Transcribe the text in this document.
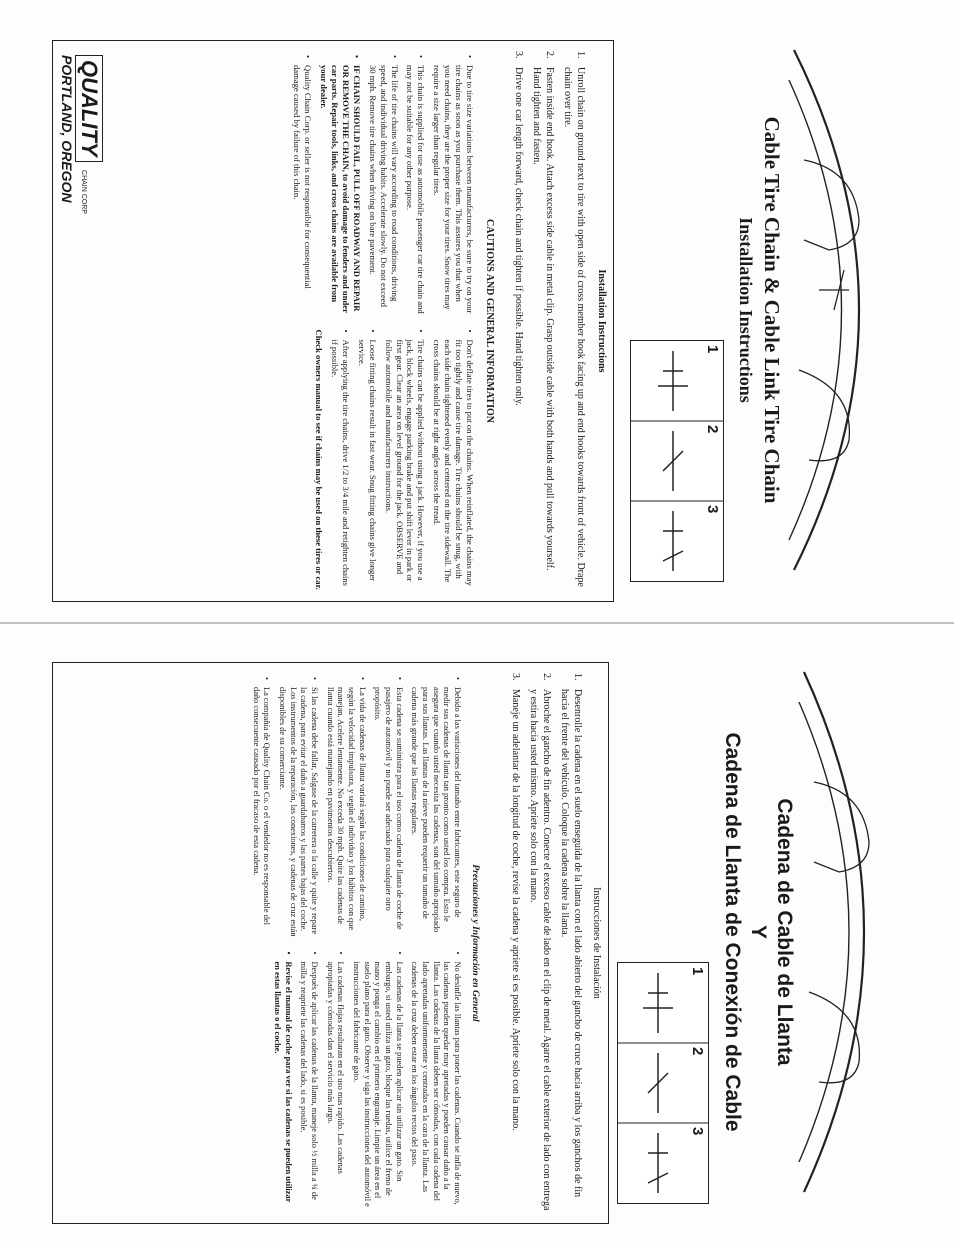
Cable Tire Chain & Cable Link Tire Chain
Installation Instructions
1
2
3
Installation Instructions
1.
Unroll chain on ground next to tire with open side of cross member hook facing up and end hooks towards front of vehicle. Drape chain over tire.
2.
Fasten inside end hook. Attach excess side cable in metal clip. Grasp outside cable with both hands and pull towards yourself. Hand tighten and fasten.
3.
Drive one car length forward, check chain and tighten if possible. Hand tighten only.
CAUTIONS AND GENERAL INFORMATION

•
Due to tire size variations between manufacturers, be sure to try on your tire chains as soon as you purchase them. This assures you that when you need chains, they are the proper size for your tires. Snow tires may require a size larger than regular tires.

•
This chain is supplied for use as automobile passenger car tire chain and may not be suitable for any other purpose.

•
The life of tire chains will vary according to road conditions, driving speed, and individual driving habits. Accelerate slowly. Do not exceed 30 mph. Remove tire chains when driving on bare pavement.

•
IF CHAIN SHOULD FAIL, PULL OFF ROADWAY AND REPAIR OR REMOVE THE CHAIN, to avoid damage to fenders and under car parts. Repair tools, links, and cross chains are available from your dealer.

•
Quality Chain Corp. or seller is not responsible for consequential damage caused by failure of this chain.

•
Don't deflate tires to put on the chains. When reinflated, the chains may fit too tightly and cause tire damage. Tire chains should be snug, with each side chain tightened evenly and centered on the tire sidewall. The cross chains should be at right angles across the tread.

•
Tire chains can be applied without using a jack. However, if you use a jack, block wheels, engage parking brake and put shift lever in park or first gear. Clear an area on level ground for the jack. OBSERVE and follow automobile and manufacturers instructions.

•
Loose fitting chains result in fast wear. Snug fitting chains give longer service.

•
After applying the tire chains, drive 1/2 to 3/4 mile and retighten chains if possible.

Check owners manual to see if chains may be used on these tires or car.

QUALITY CHAIN CORP
PORTLAND, OREGON
Cadena de Cable de Llanta
Y
Cadena de Llanta de Conexión de Cable
1
2
3
Instrucciones de Instalación
1.
Desenrolle la cadena en el suelo enseguida de la llanta con el lado abierto del gancho de cruce hacia arriba y los ganchos de fin hacia el frente del vehículo. Coloque la cadena sobre la llanta.
2.
Abroche el gancho de fin adentro. Conecte el exceso cable de lado en el clip de metal. Agarre el cable exterior de lado con entrega y estira hacia usted mismo. Apriete solo con la mano.
3.
Maneje un adelantar de la longitud de coche, revise la cadena y apriete si es posible. Apriete solo con la mano.
Precauciones y Información en General

•
Debido a las variaciones del tamaño entre fabricantes, este seguro de medir sus cadenas de llanta tan pronto como usted los compra. Esto le asegura que cuando usted necesita las cadenas, son del tamaño apropiado para sus llantas. Las llantas de la nieve pueden requerir un tamaño de cadena más grande que las llantas regulares.

•
Esta cadena se suministra para el uso como cadena de llanta de coche de pasajero de automóvil y no puede ser adecuado para cualquier otro propósito.

•
La vida de cadenas de llanta variará según las condiciones de camino, según la velocidad impulsora, y según el individuo y los hábitos con que manejan. Acelere lentamente. No exceda 30 mph. Quite las cadenas de llanta cuando está manejando en pavimentos descubiertos.

•
Si las cadena debe fallar, Salgase de la carretera o la calle y quite y repare la cadena, para evitar el daño a guardabarros y las partes bajas del coche. Los instrumentos de la reparación, las conexiones, y cadenas de cruz están disponibles de su comerciante.

•
La compañía de Quality Chain Co. o el vendedor no es responsable del daño consecuente causado por el fracaso de esta cadena.

•
No desinfle las llantas para poner las cadenas. Cuando se infla de nuevo, las cadenas pueden quedar muy apretadas y pueden causar daño a la llanta. Las cadenas de la llanta deben ser cómodas, con cada cadena del lado apretadas uniformemente y centradas en la cara de la llanta. Las cadenas de la cruz deben estar en los ángulos rectos del paso.

•
Las cadenas de la llanta se pueden aplicar sin utilizar un gato. Sin embargo, si usted utiliza un gato, bloque las ruedas, utilice el freno de mano y ponga el cambio en el primero engranaje. Limpie un área en el suelo plano para el gato. Observe y siga las instrucciones del automóvil e instrucciones del fabricante de gato.

•
Las cadenas flojas resultaran en el uso mas rapido. Las cadenas apropiadas y cómodas dan el servicio más largo.

•
Después de aplicar las cadenas de la llanta, maneje solo ½ milla a ¾ de milla y reapriete las cadenas del lado, si es posible.

•
Revise el manual de coche para ver si las cadenas se pueden utilizar en estas llantas o el coche.
